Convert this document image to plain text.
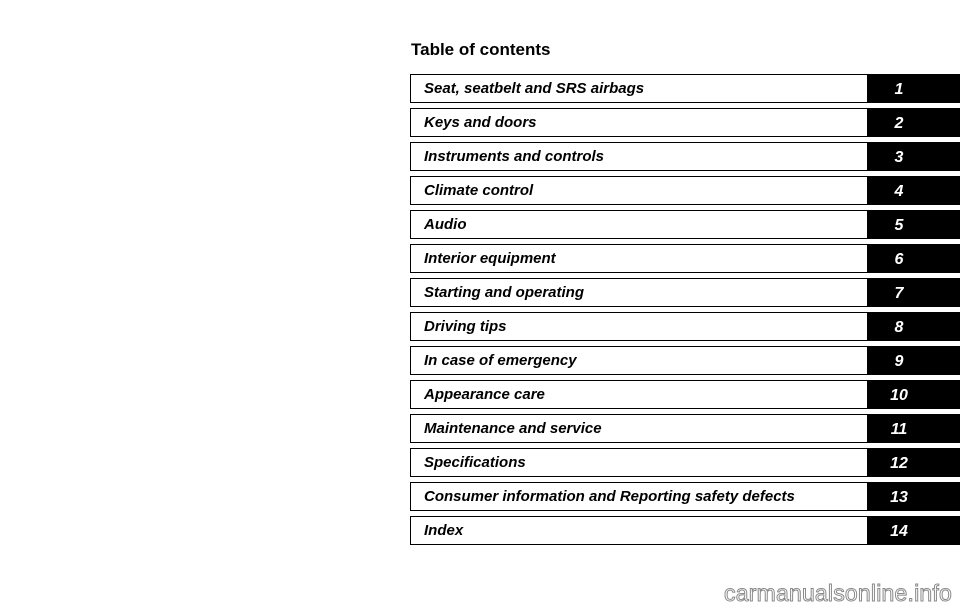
Table of contents
Seat, seatbelt and SRS airbags	1
Keys and doors	2
Instruments and controls	3
Climate control	4
Audio	5
Interior equipment	6
Starting and operating	7
Driving tips	8
In case of emergency	9
Appearance care	10
Maintenance and service	11
Specifications	12
Consumer information and Reporting safety defects	13
Index	14
carmanualsonline.info
